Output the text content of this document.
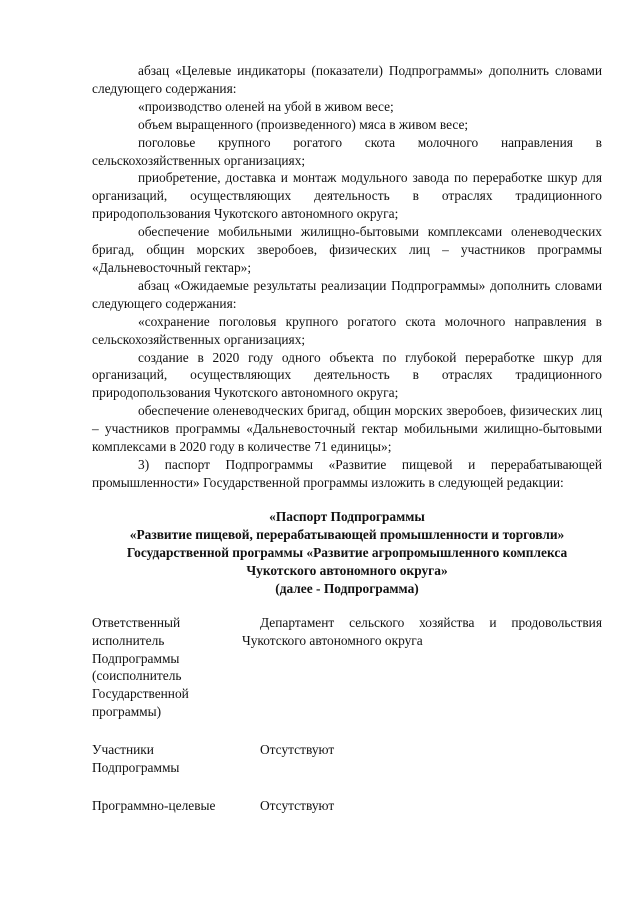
абзац «Целевые индикаторы (показатели) Подпрограммы» дополнить словами следующего содержания:

«производство оленей на убой в живом весе;

объем выращенного (произведенного) мяса в живом весе;

поголовье крупного рогатого скота молочного направления в сельскохозяйственных организациях;

приобретение, доставка и монтаж модульного завода по переработке шкур для организаций, осуществляющих деятельность в отраслях традиционного природопользования Чукотского автономного округа;

обеспечение мобильными жилищно-бытовыми комплексами оленеводческих бригад, общин морских зверобоев, физических лиц – участников программы «Дальневосточный гектар»;

абзац «Ожидаемые результаты реализации Подпрограммы» дополнить словами следующего содержания:

«сохранение поголовья крупного рогатого скота молочного направления в сельскохозяйственных организациях;

создание в 2020 году одного объекта по глубокой переработке шкур для организаций, осуществляющих деятельность в отраслях традиционного природопользования Чукотского автономного округа;

обеспечение оленеводческих бригад, общин морских зверобоев, физических лиц – участников программы «Дальневосточный гектар мобильными жилищно-бытовыми комплексами в 2020 году в количестве 71 единицы»;

3) паспорт Подпрограммы «Развитие пищевой и перерабатывающей промышленности» Государственной программы изложить в следующей редакции:

«Паспорт Подпрограммы
«Развитие пищевой, перерабатывающей промышленности и торговли»
Государственной программы «Развитие агропромышленного комплекса
Чукотского автономного округа»
(далее - Подпрограмма)
Ответственный исполнитель Подпрограммы (соисполнитель Государственной программы)	Департамент сельского хозяйства и продовольствия Чукотского автономного округа

Участники Подпрограммы	Отсутствуют

Программно-целевые	Отсутствуют
